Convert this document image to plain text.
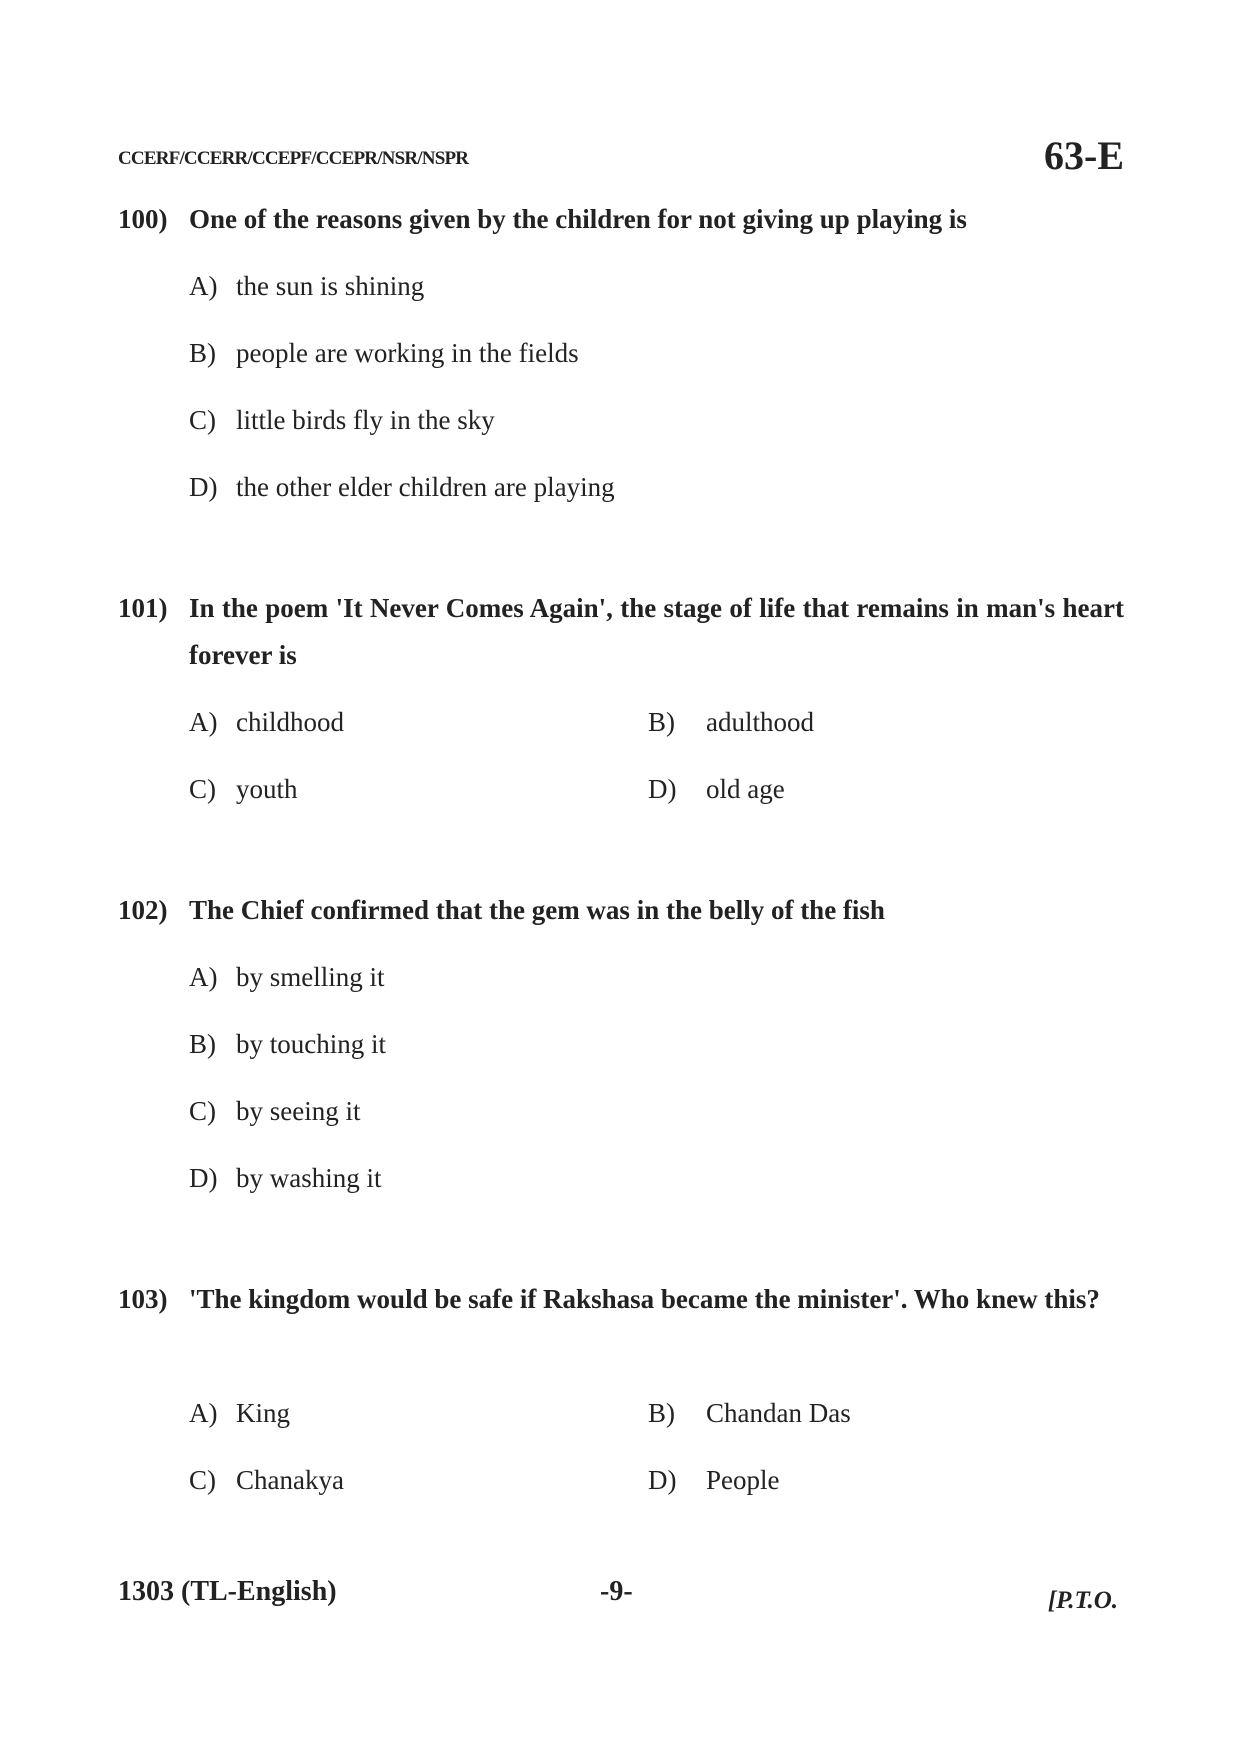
CCERF/CCERR/CCEPF/CCEPR/NSR/NSPR	63-E
100) One of the reasons given by the children for not giving up playing is
A) the sun is shining
B) people are working in the fields
C) little birds fly in the sky
D) the other elder children are playing
101) In the poem 'It Never Comes Again', the stage of life that remains in man's heart forever is
A) childhood	B) adulthood
C) youth	D) old age
102) The Chief confirmed that the gem was in the belly of the fish
A) by smelling it
B) by touching it
C) by seeing it
D) by washing it
103) 'The kingdom would be safe if Rakshasa became the minister'. Who knew this?
A) King	B) Chandan Das
C) Chanakya	D) People
1303 (TL-English)	-9-	[P.T.O.
